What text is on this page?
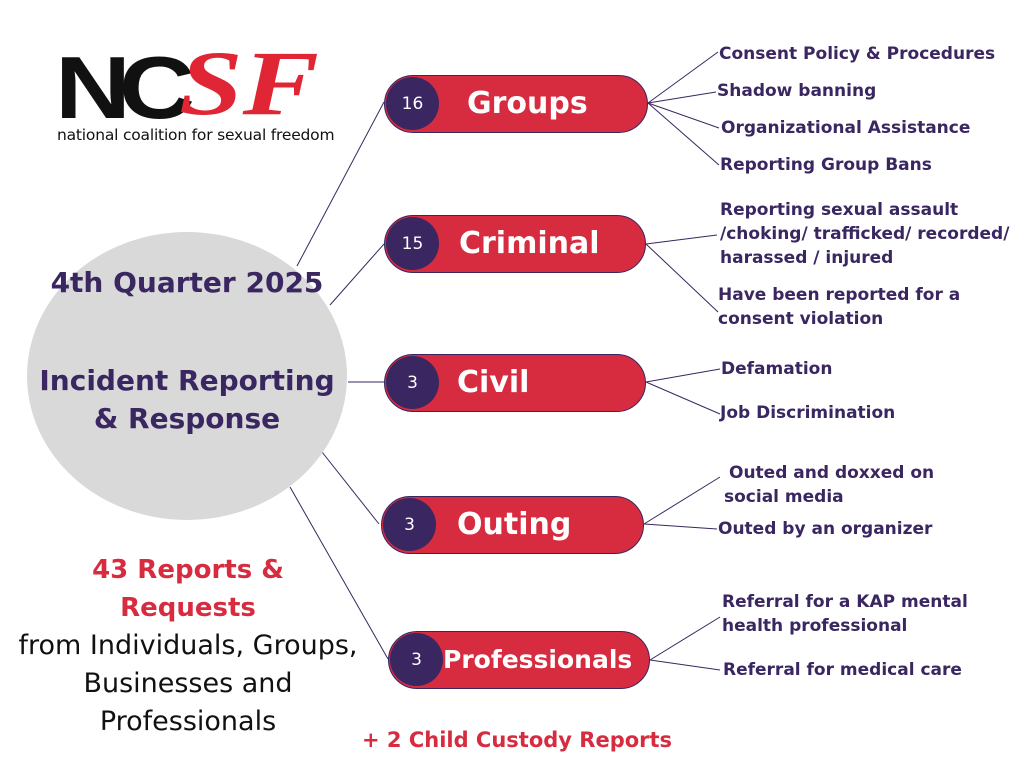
NC
SF
national coalition for sexual freedom
4th Quarter 2025
Incident Reporting & Response
16	Groups
15	Criminal
3	Civil
3	Outing
3 Professionals
Consent Policy & Procedures
Shadow banning
Organizational Assistance
Reporting Group Bans
Reporting sexual assault /choking/ trafficked/ recorded/ harassed / injured
Have been reported for a consent violation
Defamation
Job Discrimination
Outed and doxxed on social media
Outed by an organizer
Referral for a KAP mental health professional
Referral for medical care
43 Reports & Requests
from Individuals, Groups, Businesses and Professionals
+ 2 Child Custody Reports
